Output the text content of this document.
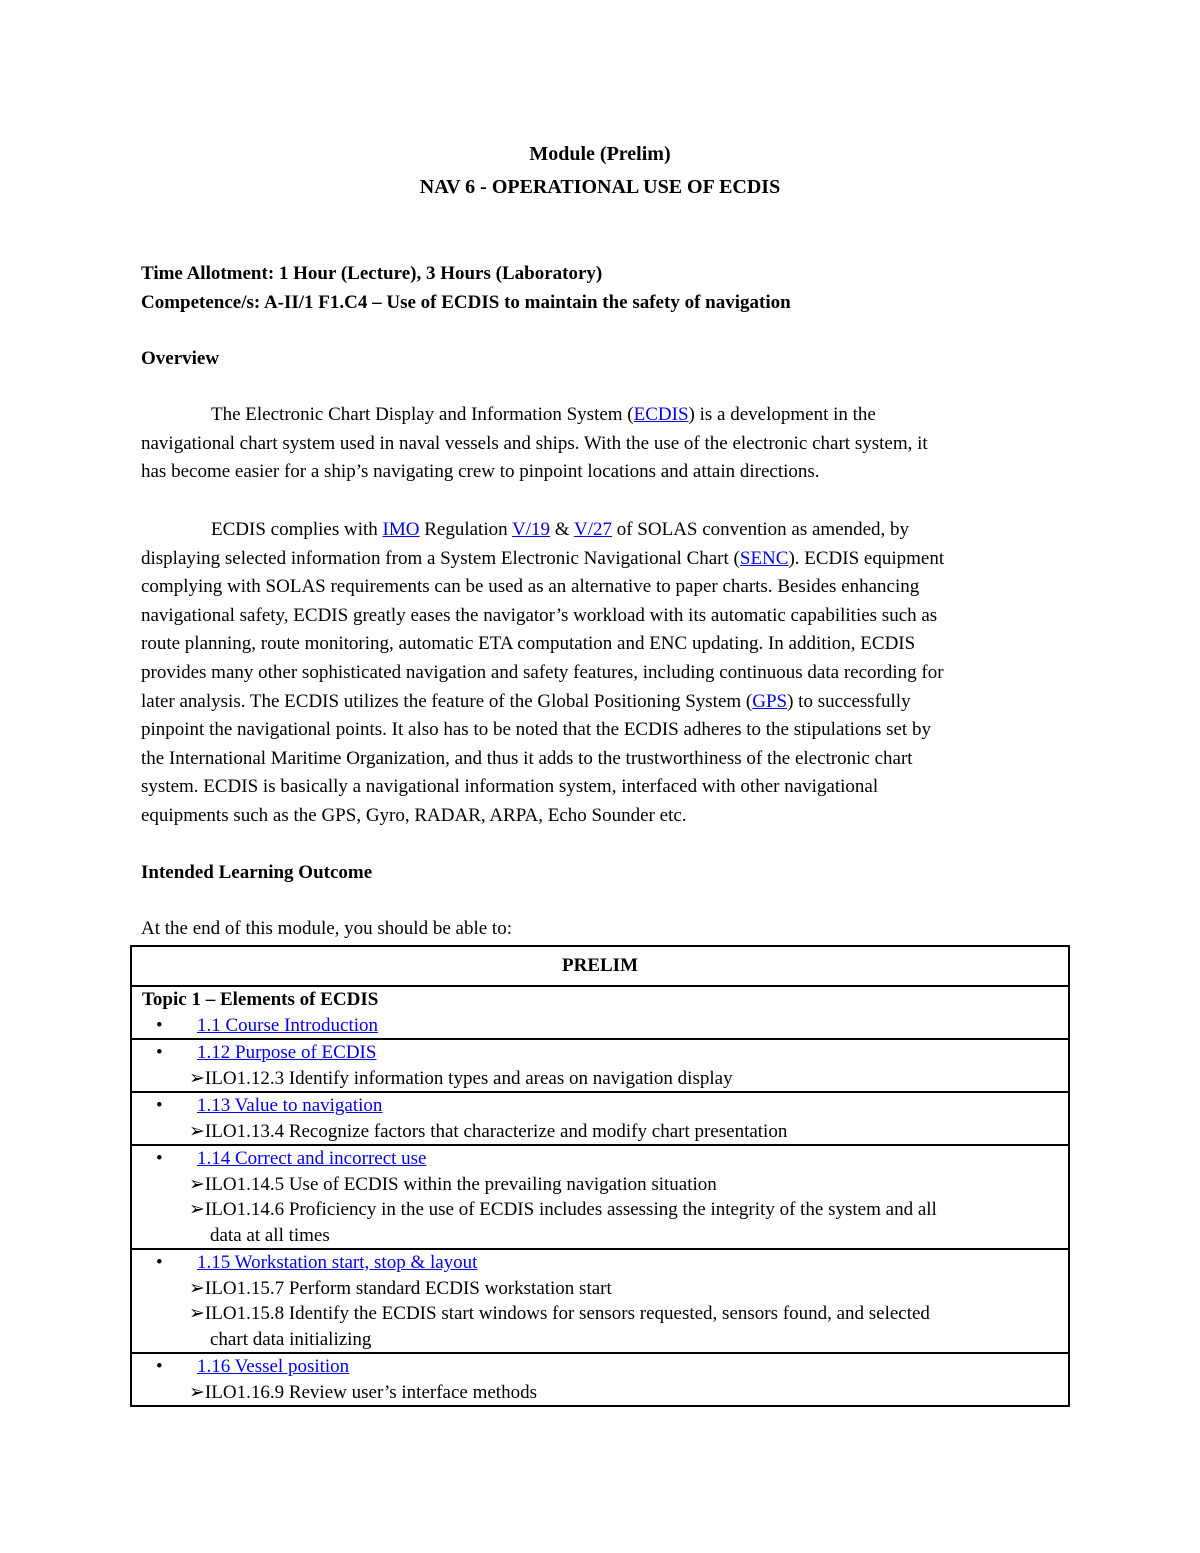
Module (Prelim)
NAV 6 - OPERATIONAL USE OF ECDIS
Time Allotment: 1 Hour (Lecture), 3 Hours (Laboratory)
Competence/s: A-II/1 F1.C4 – Use of ECDIS to maintain the safety of navigation
Overview
The Electronic Chart Display and Information System (ECDIS) is a development in the
navigational chart system used in naval vessels and ships. With the use of the electronic chart system, it
has become easier for a ship’s navigating crew to pinpoint locations and attain directions.
ECDIS complies with IMO Regulation V/19 & V/27 of SOLAS convention as amended, by
displaying selected information from a System Electronic Navigational Chart (SENC). ECDIS equipment
complying with SOLAS requirements can be used as an alternative to paper charts. Besides enhancing
navigational safety, ECDIS greatly eases the navigator’s workload with its automatic capabilities such as
route planning, route monitoring, automatic ETA computation and ENC updating. In addition, ECDIS
provides many other sophisticated navigation and safety features, including continuous data recording for
later analysis. The ECDIS utilizes the feature of the Global Positioning System (GPS) to successfully
pinpoint the navigational points. It also has to be noted that the ECDIS adheres to the stipulations set by
the International Maritime Organization, and thus it adds to the trustworthiness of the electronic chart
system. ECDIS is basically a navigational information system, interfaced with other navigational
equipments such as the GPS, Gyro, RADAR, ARPA, Echo Sounder etc.
Intended Learning Outcome
At the end of this module, you should be able to:
PRELIM

Topic 1 – Elements of ECDIS
• 1.1 Course Introduction

• 1.12 Purpose of ECDIS
➢ILO1.12.3 Identify information types and areas on navigation display

• 1.13 Value to navigation
➢ILO1.13.4 Recognize factors that characterize and modify chart presentation

• 1.14 Correct and incorrect use
➢ILO1.14.5 Use of ECDIS within the prevailing navigation situation
➢ILO1.14.6 Proficiency in the use of ECDIS includes assessing the integrity of the system and all
data at all times

• 1.15 Workstation start, stop & layout
➢ILO1.15.7 Perform standard ECDIS workstation start
➢ILO1.15.8 Identify the ECDIS start windows for sensors requested, sensors found, and selected
chart data initializing

• 1.16 Vessel position
➢ILO1.16.9 Review user’s interface methods
